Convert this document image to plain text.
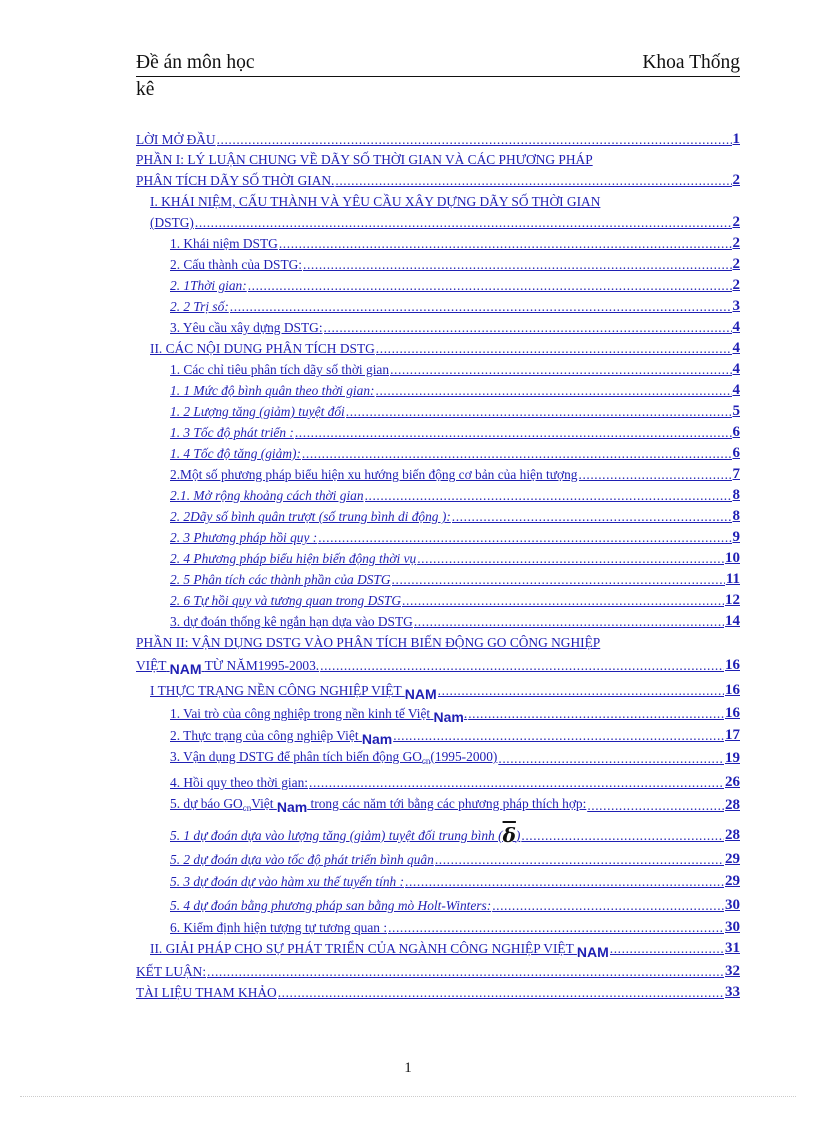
Đề án môn học	Khoa Thống
kê
LỜI MỞ ĐẦU .....	1
PHẦN I: LÝ LUẬN CHUNG VỀ DÃY SỐ THỜI GIAN VÀ CÁC PHƯƠNG PHÁP
PHÂN TÍCH DÃY SỐ THỜI GIAN. .....	2
I. KHÁI NIỆM, CẤU THÀNH VÀ YÊU CẦU XÂY DỰNG DÃY SỐ THỜI GIAN
(DSTG) .....	2
1. Khái niệm DSTG .....	2
2. Cấu thành của DSTG: .....	2
2. 1Thời gian: .....	2
2. 2 Trị số: .....	3
3. Yêu cầu xây dựng DSTG: .....	4
II. CÁC NỘI DUNG PHÂN TÍCH DSTG .....	4
1. Các chỉ tiêu phân tích dãy số thời gian .....	4
1. 1 Mức độ bình quân theo thời gian: .....	4
1. 2 Lượng tăng (giảm) tuyệt đối .....	5
1. 3 Tốc độ phát triển : .....	6
1. 4 Tốc độ tăng (giảm): .....	6
2.Một số phương pháp biểu hiện xu hướng biến động cơ bản của hiện tượng .....	7
2.1. Mở rộng khoảng cách thời gian .....	8
2. 2Dãy số bình quân trượt (số trung bình di động ): .....	8
2. 3 Phương pháp hồi quy : .....	9
2. 4 Phương pháp biểu hiện biến động thời vụ .....	10
2. 5 Phân tích các thành phần của DSTG .....	11
2. 6 Tự hồi quy và tương quan trong DSTG .....	12
3. dự đoán thống kê ngắn hạn dựa vào DSTG .....	14
PHẦN II: VẬN DỤNG DSTG VÀO PHÂN TÍCH BIẾN ĐỘNG GO CÔNG NGHIỆP
VIỆT NAM TỪ NĂM1995-2003. .....	16
I THỰC TRẠNG NỀN CÔNG NGHIỆP VIỆT NAM .....	16
1. Vai trò của công nghiệp trong nền kinh tế Việt Nam. .....	16
2. Thực trạng của công nghiệp Việt Nam .....	17
3. Vận dụng DSTG để phân tích biến động $GO_{cn}(1995-2000)$ .....	19
4. Hồi quy theo thời gian: .....	26
5. dự báo $GO_{cn}Việt$ Nam trong các năm tới bằng các phương pháp thích hợp: .....	28
5. 1 dự đoán dựa vào lượng tăng (giảm) tuyệt đối trung bình (δ) .....	28
5. 2 dự đoán dựa vào tốc độ phát triển bình quân .....	29
5. 3 dự đoán dự vào hàm xu thế tuyến tính : .....	29
5. 4 dự đoán bằng phương pháp san bằng mò Holt-Winters: .....	30
6. Kiểm định hiện tượng tự tương quan : .....	30
II. GIẢI PHÁP CHO SỰ PHÁT TRIỂN CỦA NGÀNH CÔNG NGHIỆP VIỆT NAM .....	31
KẾT LUẬN: .....	32
TÀI LIỆU THAM KHẢO .....	33
1
